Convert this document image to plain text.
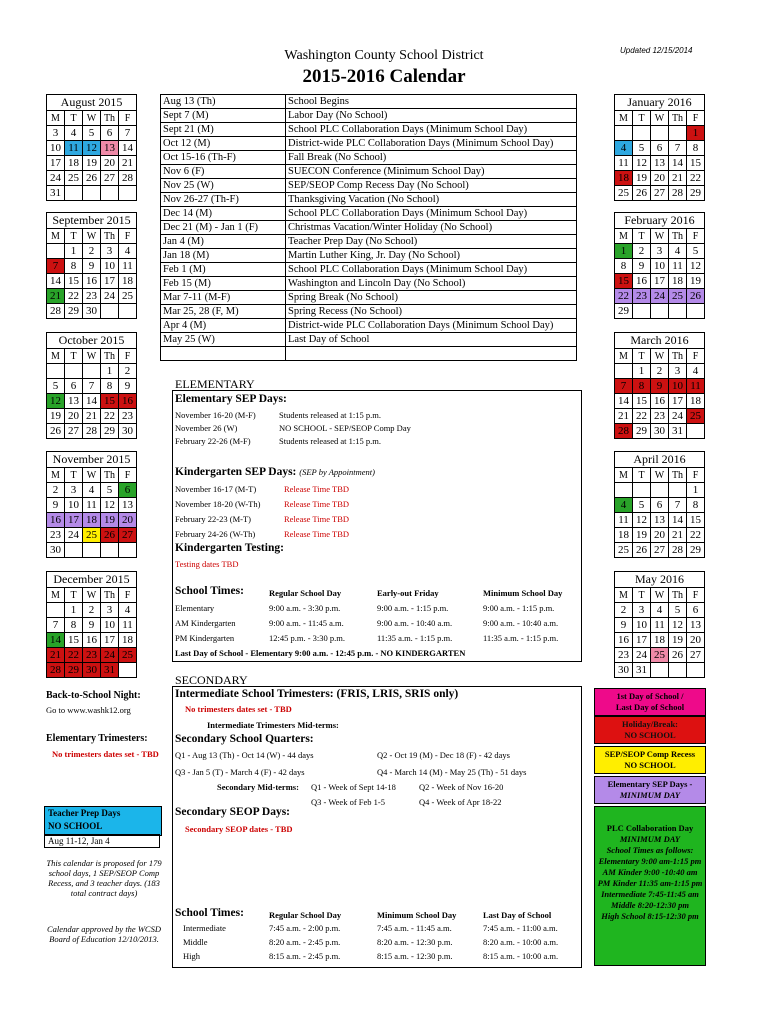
Washington County School District
2015-2016 Calendar
Updated 12/15/2014
August 2015				
M	T	W	Th	F
3	4	5	6	7
10	11	12	13	14
17	18	19	20	21
24	25	26	27	28
31				
September 2015				
M	T	W	Th	F
	1	2	3	4
7	8	9	10	11
14	15	16	17	18
21	22	23	24	25
28	29	30		
October 2015				
M	T	W	Th	F
			1	2
5	6	7	8	9
12	13	14	15	16
19	20	21	22	23
26	27	28	29	30
November 2015				
M	T	W	Th	F
2	3	4	5	6
9	10	11	12	13
16	17	18	19	20
23	24	25	26	27
30				
December 2015				
M	T	W	Th	F
	1	2	3	4
7	8	9	10	11
14	15	16	17	18
21	22	23	24	25
28	29	30	31	
January 2016				
M	T	W	Th	F
				1
4	5	6	7	8
11	12	13	14	15
18	19	20	21	22
25	26	27	28	29
February 2016				
M	T	W	Th	F
1	2	3	4	5
8	9	10	11	12
15	16	17	18	19
22	23	24	25	26
29				
March 2016				
M	T	W	Th	F
	1	2	3	4
7	8	9	10	11
14	15	16	17	18
21	22	23	24	25
28	29	30	31	
April 2016				
M	T	W	Th	F
				1
4	5	6	7	8
11	12	13	14	15
18	19	20	21	22
25	26	27	28	29
May 2016				
M	T	W	Th	F
2	3	4	5	6
9	10	11	12	13
16	17	18	19	20
23	24	25	26	27
30	31			
Aug 13 (Th)	School Begins
Sept 7 (M)	Labor Day (No School)
Sept 21 (M)	School PLC Collaboration Days (Minimum School Day)
Oct 12 (M)	District-wide PLC Collaboration Days (Minimum School Day)
Oct 15-16 (Th-F)	Fall Break (No School)
Nov 6 (F)	SUECON Conference (Minimum School Day)
Nov 25 (W)	SEP/SEOP Comp Recess Day (No School)
Nov 26-27 (Th-F)	Thanksgiving Vacation (No School)
Dec 14 (M)	School PLC Collaboration Days (Minimum School Day)
Dec 21 (M) - Jan 1 (F)	Christmas Vacation/Winter Holiday (No School)
Jan 4 (M)	Teacher Prep Day (No School)
Jan 18 (M)	Martin Luther King, Jr. Day (No School)
Feb 1 (M)	School PLC Collaboration Days (Minimum School Day)
Feb 15 (M)	Washington and Lincoln Day (No School)
Mar 7-11 (M-F)	Spring Break (No School)
Mar 25, 28 (F, M)	Spring Recess (No School)
Apr 4 (M)	District-wide PLC Collaboration Days (Minimum School Day)
May 25 (W)	Last Day of School

ELEMENTARY
Elementary SEP Days:
November 16-20 (M-F)	Students released at 1:15 p.m.
November 26 (W)	NO SCHOOL - SEP/SEOP Comp Day
February 22-26 (M-F)	Students released at 1:15 p.m.
Kindergarten SEP Days: (SEP by Appointment)
November 16-17 (M-T)	Release Time TBD
November 18-20 (W-Th)	Release Time TBD
February 22-23 (M-T)	Release Time TBD
February 24-26 (W-Th)	Release Time TBD
Kindergarten Testing:
Testing dates TBD
School Times:	Regular School Day	Early-out Friday	Minimum School Day
Elementary	9:00 a.m. - 3:30 p.m.	9:00 a.m. - 1:15 p.m.	9:00 a.m. - 1:15 p.m.
AM Kindergarten	9:00 a.m. - 11:45 a.m.	9:00 a.m. - 10:40 a.m.	9:00 a.m. - 10:40 a.m.
PM Kindergarten	12:45 p.m. - 3:30 p.m.	11:35 a.m. - 1:15 p.m.	11:35 a.m. - 1:15 p.m.
Last Day of School - Elementary 9:00 a.m. - 12:45 p.m. - NO KINDERGARTEN
SECONDARY
Intermediate School Trimesters: (FRIS, LRIS, SRIS only)
No trimesters dates set - TBD
Intermediate Trimesters Mid-terms:
Secondary School Quarters:
Q1 - Aug 13 (Th) - Oct 14 (W) - 44 days	Q2 - Oct 19 (M) - Dec 18 (F) - 42 days
Q3 - Jan 5 (T) - March 4 (F) - 42 days	Q4 - March 14 (M) - May 25 (Th) - 51 days
Secondary Mid-terms: Q1 - Week of Sept 14-18	Q2 - Week of Nov 16-20
Q3 - Week of Feb 1-5	Q4 - Week of Apr 18-22
Secondary SEOP Days:
Secondary SEOP dates - TBD
School Times:	Regular School Day	Minimum School Day	Last Day of School
Intermediate	7:45 a.m. - 2:00 p.m.	7:45 a.m. - 11:45 a.m.	7:45 a.m. - 11:00 a.m.
Middle	8:20 a.m. - 2:45 p.m.	8:20 a.m. - 12:30 p.m.	8:20 a.m. - 10:00 a.m.
High	8:15 a.m. - 2:45 p.m.	8:15 a.m. - 12:30 p.m.	8:15 a.m. - 10:00 a.m.
Back-to-School Night:
Go to www.washk12.org
Elementary Trimesters:
No trimesters dates set - TBD
Teacher Prep Days
NO SCHOOL
Aug 11-12, Jan 4
This calendar is proposed for 179 school days, 1 SEP/SEOP Comp Recess, and 3 teacher days. (183 total contract days)
Calendar approved by the WCSD Board of Education 12/10/2013.
1st Day of School /
Last Day of School
Holiday/Break:
NO SCHOOL
SEP/SEOP Comp Recess
NO SCHOOL
Elementary SEP Days -
MINIMUM DAY
PLC Collaboration Day
MINIMUM DAY
School Times as follows:
Elementary 9:00 am-1:15 pm
AM Kinder 9:00 -10:40 am
PM Kinder 11:35 am-1:15 pm
Intermediate 7:45-11:45 am
Middle 8:20-12:30 pm
High School 8:15-12:30 pm
